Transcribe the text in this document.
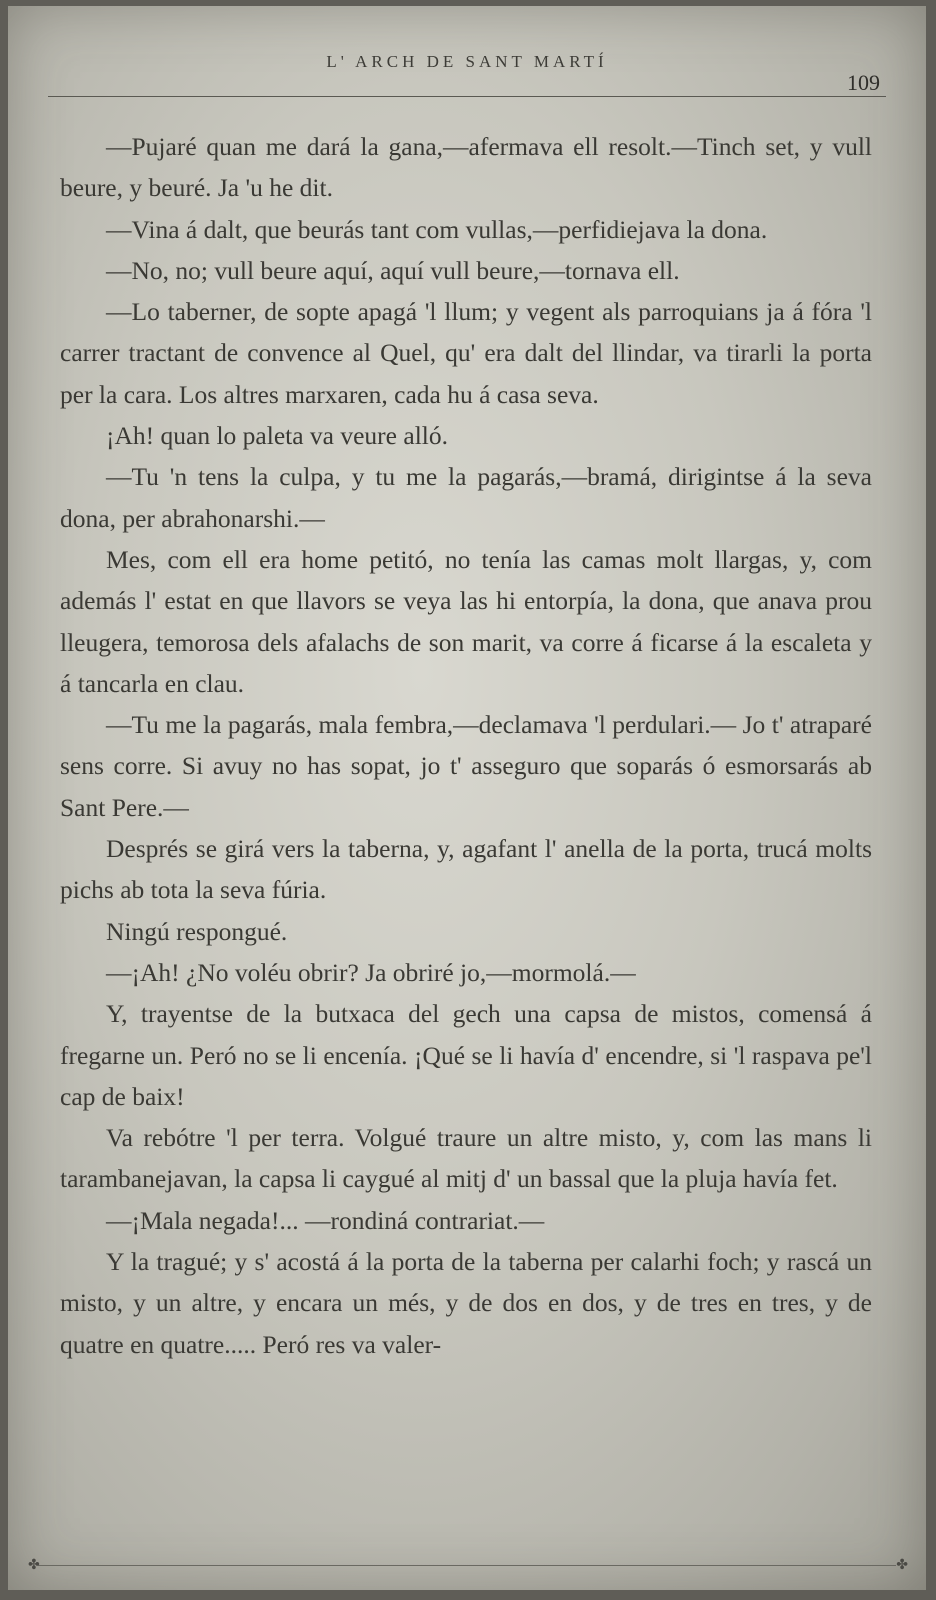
L' ARCH DE SANT MARTÍ
109

—Pujaré quan me dará la gana,—afermava ell resolt.—Tinch set, y vull beure, y beuré. Ja 'u he dit.

—Vina á dalt, que beurás tant com vullas,—perfidiejava la dona.

—No, no; vull beure aquí, aquí vull beure,—tornava ell.

—Lo taberner, de sopte apagá 'l llum; y vegent als parroquians ja á fóra 'l carrer tractant de convence al Quel, qu' era dalt del llindar, va tirarli la porta per la cara. Los altres marxaren, cada hu á casa seva.

¡Ah! quan lo paleta va veure alló.

—Tu 'n tens la culpa, y tu me la pagarás,—bramá, dirigintse á la seva dona, per abrahonarshi.—

Mes, com ell era home petitó, no tenía las camas molt llargas, y, com además l' estat en que llavors se veya las hi entorpía, la dona, que anava prou lleugera, temorosa dels afalachs de son marit, va corre á ficarse á la escaleta y á tancarla en clau.

—Tu me la pagarás, mala fembra,—declamava 'l perdulari.— Jo t' atraparé sens corre. Si avuy no has sopat, jo t' asseguro que soparás ó esmorsarás ab Sant Pere.—

Després se girá vers la taberna, y, agafant l' anella de la porta, trucá molts pichs ab tota la seva fúria.

Ningú respongué.

—¡Ah! ¿No voléu obrir? Ja obriré jo,—mormolá.—

Y, trayentse de la butxaca del gech una capsa de mistos, comensá á fregarne un. Peró no se li encenía. ¡Qué se li havía d' encendre, si 'l raspava pe'l cap de baix!

Va rebótre 'l per terra. Volgué traure un altre misto, y, com las mans li tarambanejavan, la capsa li caygué al mitj d' un bassal que la pluja havía fet.

—¡Mala negada!... —rondiná contrariat.—

Y la tragué; y s' acostá á la porta de la taberna per calarhi foch; y rascá un misto, y un altre, y encara un més, y de dos en dos, y de tres en tres, y de quatre en quatre..... Peró res va valer-

✤	✤
